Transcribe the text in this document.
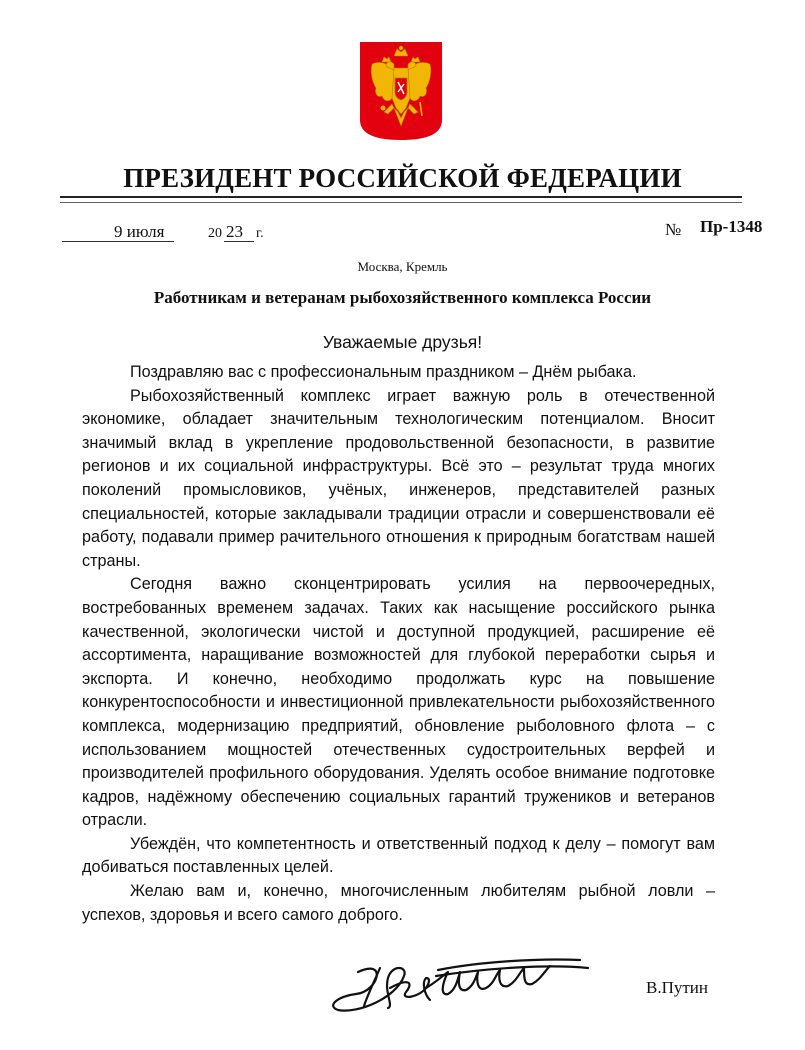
ПРЕЗИДЕНТ РОССИЙСКОЙ ФЕДЕРАЦИИ
9 июля	20 23 г.	№ Пр-1348
Москва, Кремль
Работникам и ветеранам рыбохозяйственного комплекса России
Уважаемые друзья!

Поздравляю вас с профессиональным праздником – Днём рыбака.

Рыбохозяйственный комплекс играет важную роль в отечественной экономике, обладает значительным технологическим потенциалом. Вносит значимый вклад в укрепление продовольственной безопасности, в развитие регионов и их социальной инфраструктуры. Всё это – результат труда многих поколений промысловиков, учёных, инженеров, представителей разных специальностей, которые закладывали традиции отрасли и совершенствовали её работу, подавали пример рачительного отношения к природным богатствам нашей страны.

Сегодня важно сконцентрировать усилия на первоочередных, востребованных временем задачах. Таких как насыщение российского рынка качественной, экологически чистой и доступной продукцией, расширение её ассортимента, наращивание возможностей для глубокой переработки сырья и экспорта. И конечно, необходимо продолжать курс на повышение конкурентоспособности и инвестиционной привлекательности рыбохозяйственного комплекса, модернизацию предприятий, обновление рыболовного флота – с использованием мощностей отечественных судостроительных верфей и производителей профильного оборудования. Уделять особое внимание подготовке кадров, надёжному обеспечению социальных гарантий тружеников и ветеранов отрасли.

Убеждён, что компетентность и ответственный подход к делу – помогут вам добиваться поставленных целей.

Желаю вам и, конечно, многочисленным любителям рыбной ловли – успехов, здоровья и всего самого доброго.

В.Путин
